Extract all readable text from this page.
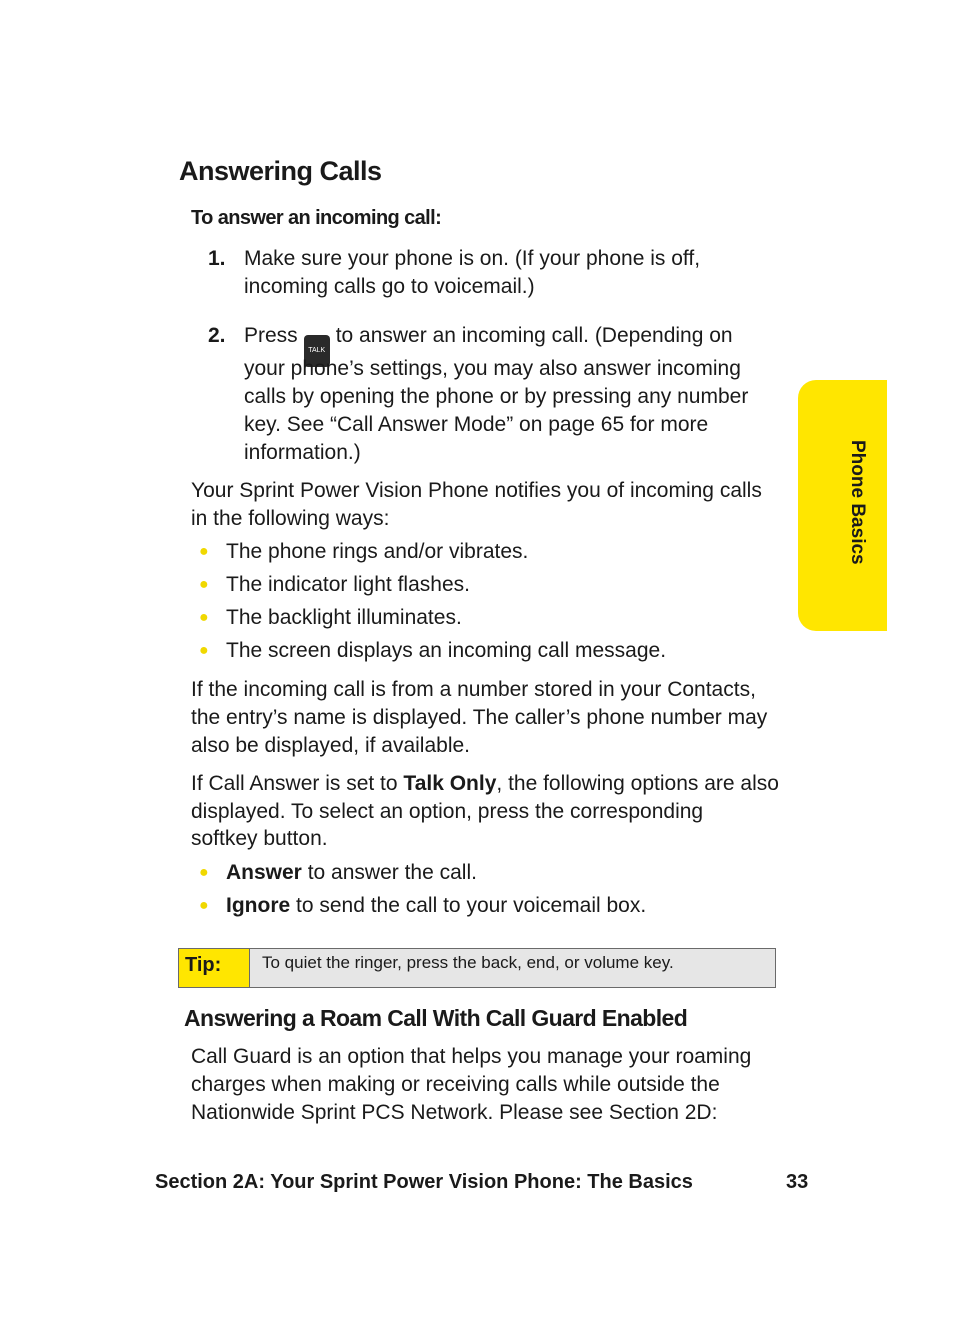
Answering Calls
To answer an incoming call:
1. Make sure your phone is on. (If your phone is off,
incoming calls go to voicemail.)
2. PressTALKto answer an incoming call. (Depending on
your phone’s settings, you may also answer incoming
calls by opening the phone or by pressing any number
key. See “Call Answer Mode” on page 65 for more
information.)
Your Sprint Power Vision Phone notifies you of incoming calls
in the following ways:
● The phone rings and/or vibrates.
● The indicator light flashes.
● The backlight illuminates.
● The screen displays an incoming call message.
If the incoming call is from a number stored in your Contacts,
the entry’s name is displayed. The caller’s phone number may
also be displayed, if available.
If Call Answer is set to Talk Only, the following options are also
displayed. To select an option, press the corresponding
softkey button.
● Answer to answer the call.
● Ignore to send the call to your voicemail box.
Tip:	To quiet the ringer, press the back, end, or volume key.
Answering a Roam Call With Call Guard Enabled
Call Guard is an option that helps you manage your roaming
charges when making or receiving calls while outside the
Nationwide Sprint PCS Network. Please see Section 2D:
Phone Basics
Section 2A: Your Sprint Power Vision Phone: The Basics	33
